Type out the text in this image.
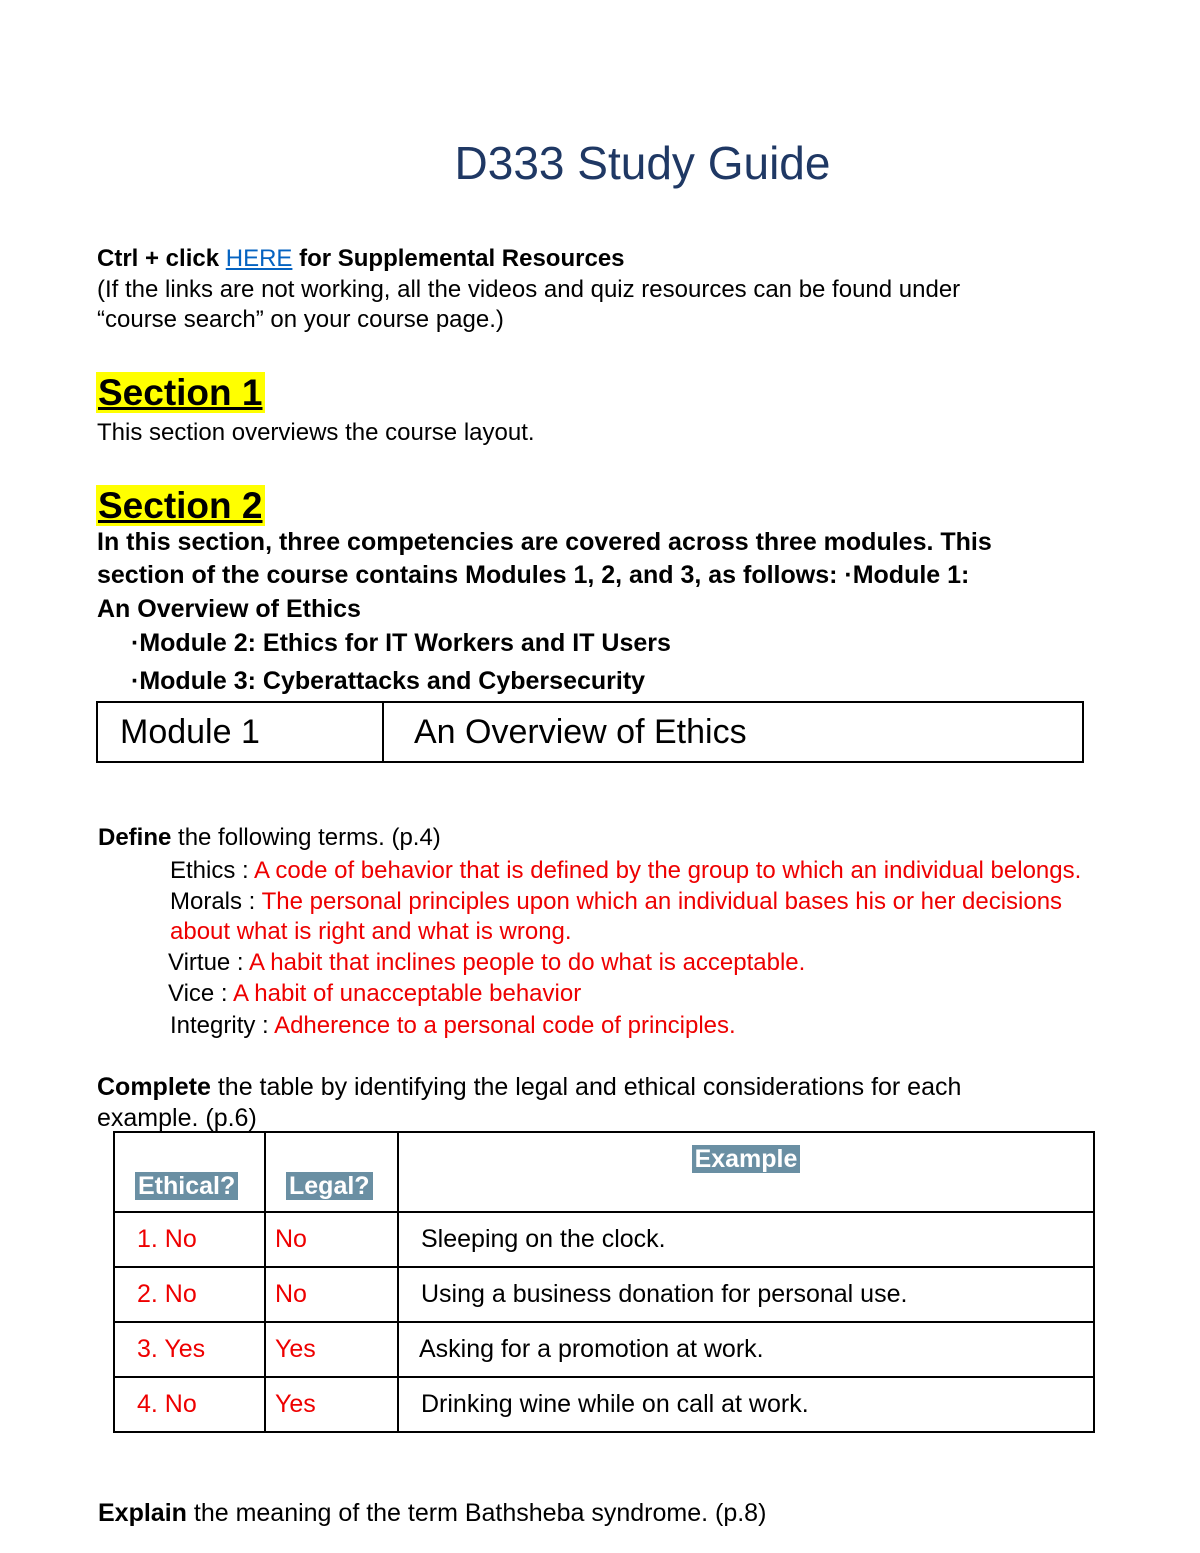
D333 Study Guide
Ctrl + click HERE for Supplemental Resources
(If the links are not working, all the videos and quiz resources can be found under
“course search” on your course page.)
Section 1
This section overviews the course layout.
Section 2
In this section, three competencies are covered across three modules. This
section of the course contains Modules 1, 2, and 3, as follows: ·Module 1:
An Overview of Ethics
·Module 2: Ethics for IT Workers and IT Users
·Module 3: Cyberattacks and Cybersecurity
Module 1	An Overview of Ethics
Define the following terms. (p.4)
Ethics : A code of behavior that is defined by the group to which an individual belongs.
Morals : The personal principles upon which an individual bases his or her decisions
about what is right and what is wrong.
Virtue : A habit that inclines people to do what is acceptable.
Vice : A habit of unacceptable behavior
Integrity : Adherence to a personal code of principles.
Complete the table by identifying the legal and ethical considerations for each
example. (p.6)
Ethical?	Legal?	Example
1. No	No	Sleeping on the clock.
2. No	No	Using a business donation for personal use.
3. Yes	Yes	Asking for a promotion at work.
4. No	Yes	Drinking wine while on call at work.
Explain the meaning of the term Bathsheba syndrome. (p.8)
